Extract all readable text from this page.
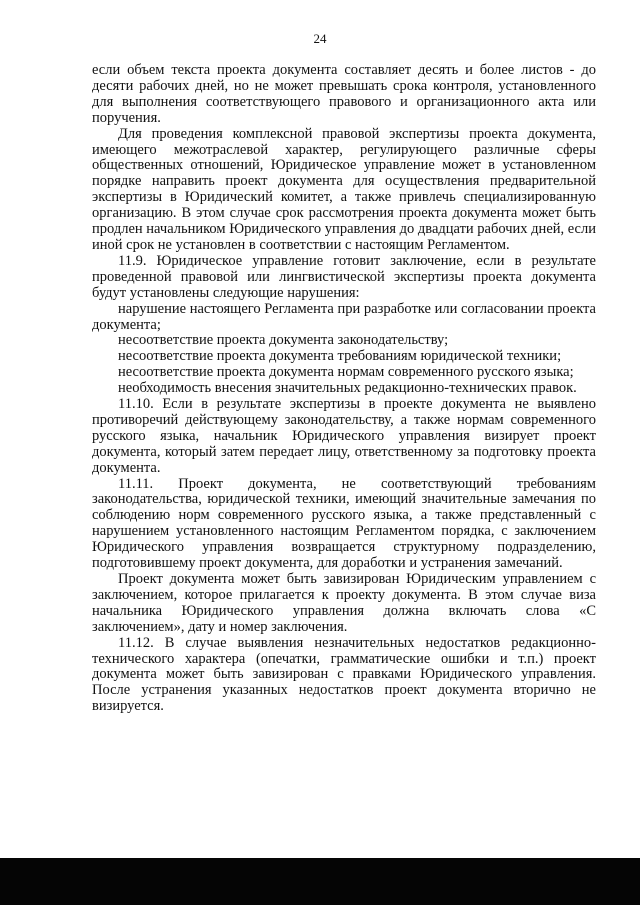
24

если объем текста проекта документа составляет десять и более листов - до десяти рабочих дней, но не может превышать срока контроля, установленного для выполнения соответствующего правового и организационного акта или поручения.

Для проведения комплексной правовой экспертизы проекта документа, имеющего межотраслевой характер, регулирующего различные сферы общественных отношений, Юридическое управление может в установленном порядке направить проект документа для осуществления предварительной экспертизы в Юридический комитет, а также привлечь специализированную организацию. В этом случае срок рассмотрения проекта документа может быть продлен начальником Юридического управления до двадцати рабочих дней, если иной срок не установлен в соответствии с настоящим Регламентом.

11.9. Юридическое управление готовит заключение, если в результате проведенной правовой или лингвистической экспертизы проекта документа будут установлены следующие нарушения:

нарушение настоящего Регламента при разработке или согласовании проекта документа;

несоответствие проекта документа законодательству;

несоответствие проекта документа требованиям юридической техники;

несоответствие проекта документа нормам современного русского языка;

необходимость внесения значительных редакционно-технических правок.

11.10. Если в результате экспертизы в проекте документа не выявлено противоречий действующему законодательству, а также нормам современного русского языка, начальник Юридического управления визирует проект документа, который затем передает лицу, ответственному за подготовку проекта документа.

11.11. Проект документа, не соответствующий требованиям законодательства, юридической техники, имеющий значительные замечания по соблюдению норм современного русского языка, а также представленный с нарушением установленного настоящим Регламентом порядка, с заключением Юридического управления возвращается структурному подразделению, подготовившему проект документа, для доработки и устранения замечаний.

Проект документа может быть завизирован Юридическим управлением с заключением, которое прилагается к проекту документа. В этом случае виза начальника Юридического управления должна включать слова «С заключением», дату и номер заключения.

11.12. В случае выявления незначительных недостатков редакционно-технического характера (опечатки, грамматические ошибки и т.п.) проект документа может быть завизирован с правками Юридического управления. После устранения указанных недостатков проект документа вторично не визируется.
